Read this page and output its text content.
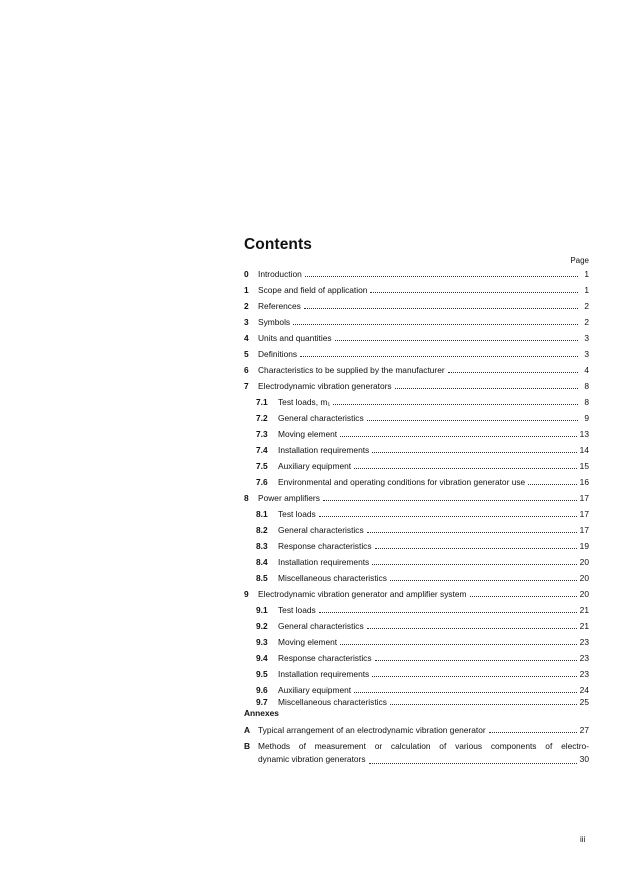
Contents
Page
0	Introduction	1
1	Scope and field of application	1
2	References	2
3	Symbols	2
4	Units and quantities	3
5	Definitions	3
6	Characteristics to be supplied by the manufacturer	4
7	Electrodynamic vibration generators	8
7.1	Test loads, m₁	8
7.2	General characteristics	9
7.3	Moving element	13
7.4	Installation requirements	14
7.5	Auxiliary equipment	15
7.6	Environmental and operating conditions for vibration generator use	16
8	Power amplifiers	17
8.1	Test loads	17
8.2	General characteristics	17
8.3	Response characteristics	19
8.4	Installation requirements	20
8.5	Miscellaneous characteristics	20
9	Electrodynamic vibration generator and amplifier system	20
9.1	Test loads	21
9.2	General characteristics	21
9.3	Moving element	23
9.4	Response characteristics	23
9.5	Installation requirements	23
9.6	Auxiliary equipment	24
9.7	Miscellaneous characteristics	25
Annexes
A Typical arrangement of an electrodynamic vibration generator	27
B Methods of measurement or calculation of various components of electro-
dynamic vibration generators	30
iii
